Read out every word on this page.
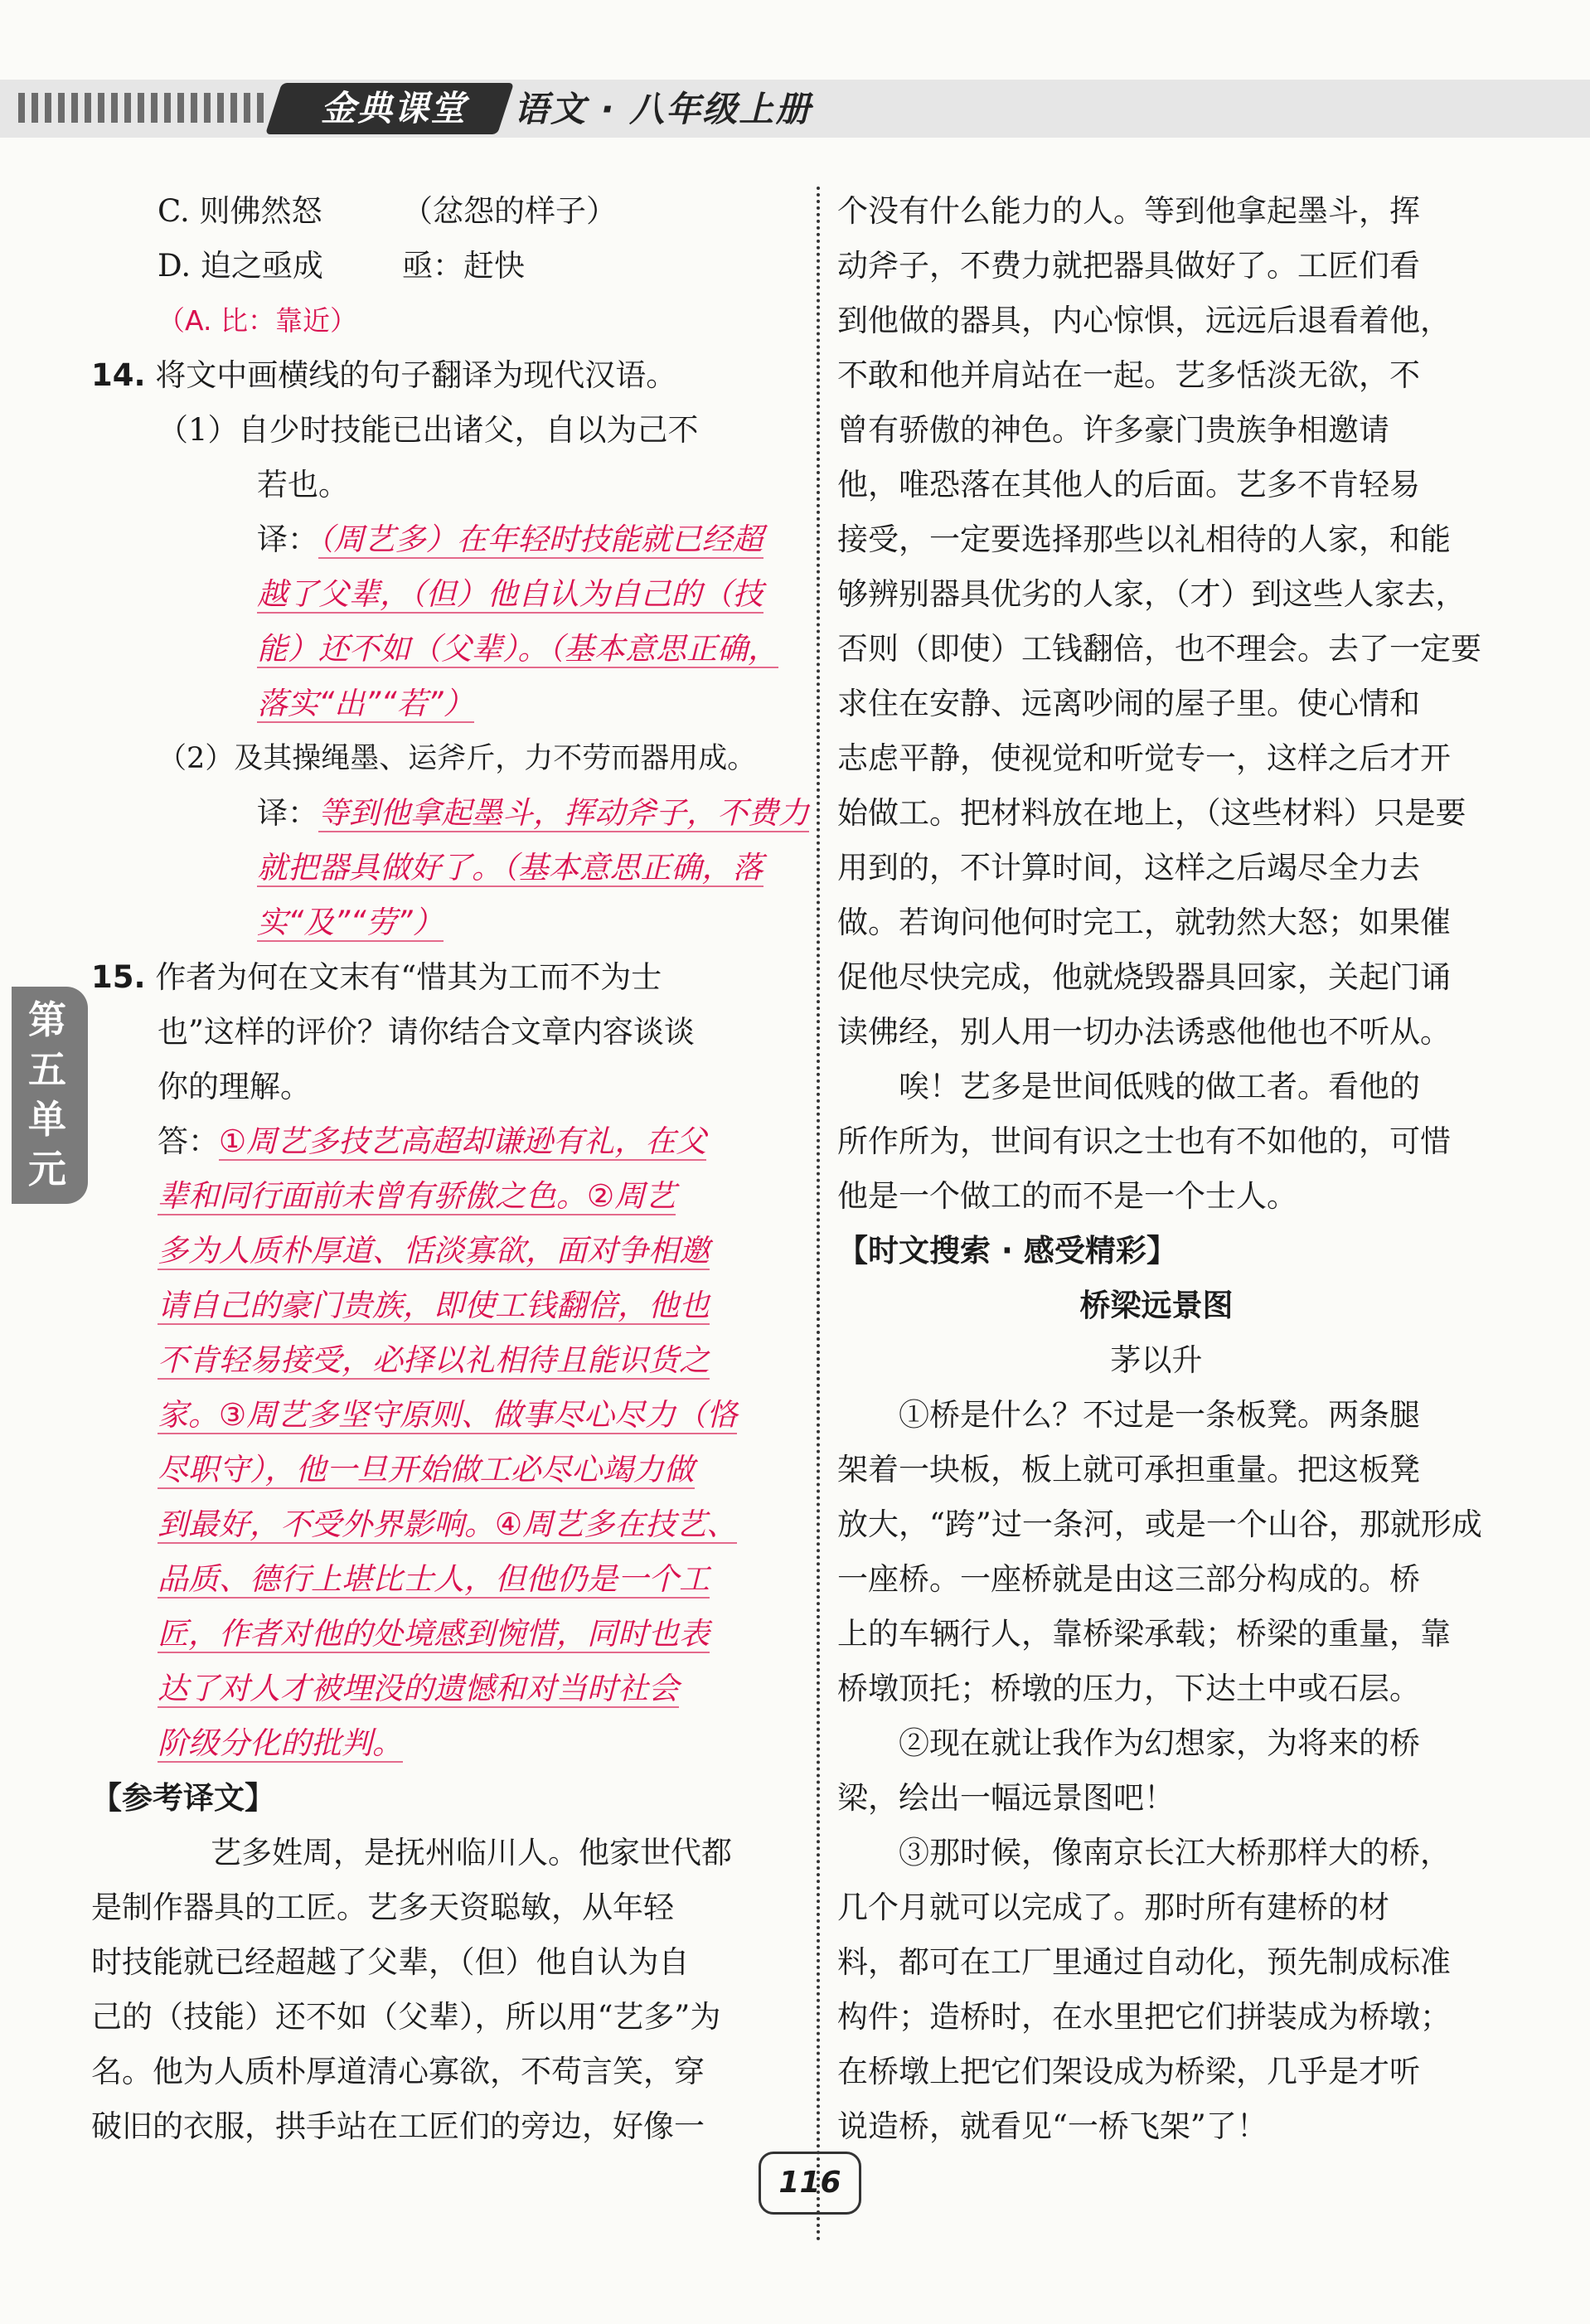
金典课堂	语文 · 八年级上册
第五单元
C. 则佛然怒	（忿怨的样子）
D. 迫之亟成	亟：赶快
（A. 比：靠近）
14. 将文中画横线的句子翻译为现代汉语。
（1）自少时技能已出诸父，自以为己不
若也。
译：（周艺多）在年轻时技能就已经超
越了父辈，（但）他自认为自己的（技
能）还不如（父辈）。（基本意思正确，
落实“出”“若”）
（2）及其操绳墨、运斧斤，力不劳而器用成。
译：等到他拿起墨斗，挥动斧子，不费力
就把器具做好了。（基本意思正确，落
实“及”“劳”）
15. 作者为何在文末有“惜其为工而不为士
也”这样的评价？请你结合文章内容谈谈
你的理解。
答：①周艺多技艺高超却谦逊有礼，在父
辈和同行面前未曾有骄傲之色。②周艺
多为人质朴厚道、恬淡寡欲，面对争相邀
请自己的豪门贵族，即使工钱翻倍，他也
不肯轻易接受，必择以礼相待且能识货之
家。③周艺多坚守原则、做事尽心尽力（恪
尽职守），他一旦开始做工必尽心竭力做
到最好，不受外界影响。④周艺多在技艺、
品质、德行上堪比士人，但他仍是一个工
匠，作者对他的处境感到惋惜，同时也表
达了对人才被埋没的遗憾和对当时社会
阶级分化的批判。
【参考译文】
艺多姓周，是抚州临川人。他家世代都
是制作器具的工匠。艺多天资聪敏，从年轻
时技能就已经超越了父辈，（但）他自认为自
己的（技能）还不如（父辈），所以用“艺多”为
名。他为人质朴厚道清心寡欲，不苟言笑，穿
破旧的衣服，拱手站在工匠们的旁边，好像一
个没有什么能力的人。等到他拿起墨斗，挥
动斧子，不费力就把器具做好了。工匠们看
到他做的器具，内心惊惧，远远后退看着他，
不敢和他并肩站在一起。艺多恬淡无欲，不
曾有骄傲的神色。许多豪门贵族争相邀请
他，唯恐落在其他人的后面。艺多不肯轻易
接受，一定要选择那些以礼相待的人家，和能
够辨别器具优劣的人家，（才）到这些人家去，
否则（即使）工钱翻倍，也不理会。去了一定要
求住在安静、远离吵闹的屋子里。使心情和
志虑平静，使视觉和听觉专一，这样之后才开
始做工。把材料放在地上，（这些材料）只是要
用到的，不计算时间，这样之后竭尽全力去
做。若询问他何时完工，就勃然大怒；如果催
促他尽快完成，他就烧毁器具回家，关起门诵
读佛经，别人用一切办法诱惑他他也不听从。
唉！艺多是世间低贱的做工者。看他的
所作所为，世间有识之士也有不如他的，可惜
他是一个做工的而不是一个士人。
【时文搜索 · 感受精彩】
桥梁远景图
茅以升
①桥是什么？不过是一条板凳。两条腿
架着一块板，板上就可承担重量。把这板凳
放大，“跨”过一条河，或是一个山谷，那就形成
一座桥。一座桥就是由这三部分构成的。桥
上的车辆行人，靠桥梁承载；桥梁的重量，靠
桥墩顶托；桥墩的压力，下达土中或石层。
②现在就让我作为幻想家，为将来的桥
梁，绘出一幅远景图吧！
③那时候，像南京长江大桥那样大的桥，
几个月就可以完成了。那时所有建桥的材
料，都可在工厂里通过自动化，预先制成标准
构件；造桥时，在水里把它们拼装成为桥墩；
在桥墩上把它们架设成为桥梁，几乎是才听
说造桥，就看见“一桥飞架”了！
116
